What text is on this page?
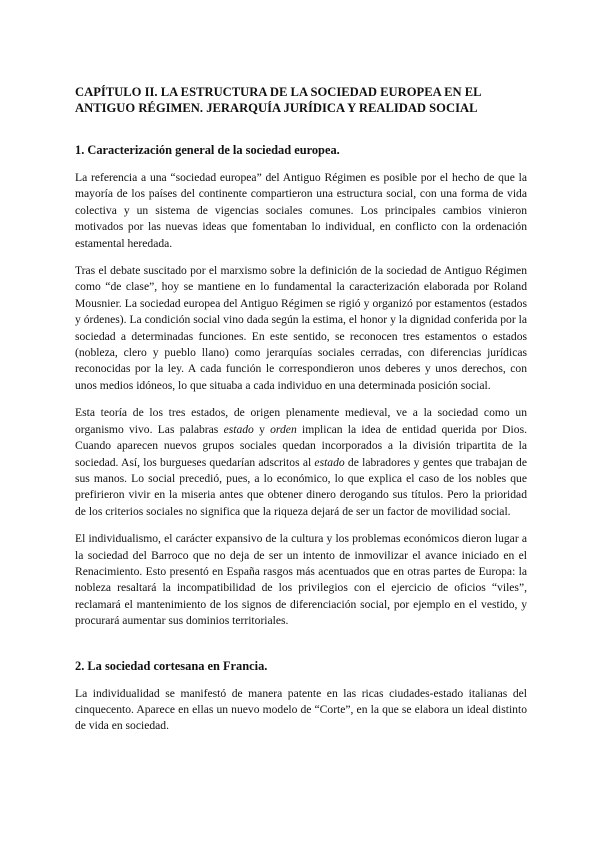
CAPÍTULO II. LA ESTRUCTURA DE LA SOCIEDAD EUROPEA EN EL ANTIGUO RÉGIMEN. JERARQUÍA JURÍDICA Y REALIDAD SOCIAL
1. Caracterización general de la sociedad europea.

La referencia a una “sociedad europea” del Antiguo Régimen es posible por el hecho de que la mayoría de los países del continente compartieron una estructura social, con una forma de vida colectiva y un sistema de vigencias sociales comunes. Los principales cambios vinieron motivados por las nuevas ideas que fomentaban lo individual, en conflicto con la ordenación estamental heredada.

Tras el debate suscitado por el marxismo sobre la definición de la sociedad de Antiguo Régimen como “de clase”, hoy se mantiene en lo fundamental la caracterización elaborada por Roland Mousnier. La sociedad europea del Antiguo Régimen se rigió y organizó por estamentos (estados y órdenes). La condición social vino dada según la estima, el honor y la dignidad conferida por la sociedad a determinadas funciones. En este sentido, se reconocen tres estamentos o estados (nobleza, clero y pueblo llano) como jerarquías sociales cerradas, con diferencias jurídicas reconocidas por la ley. A cada función le correspondieron unos deberes y unos derechos, con unos medios idóneos, lo que situaba a cada individuo en una determinada posición social.

Esta teoría de los tres estados, de origen plenamente medieval, ve a la sociedad como un organismo vivo. Las palabras estado y orden implican la idea de entidad querida por Dios. Cuando aparecen nuevos grupos sociales quedan incorporados a la división tripartita de la sociedad. Así, los burgueses quedarían adscritos al estado de labradores y gentes que trabajan de sus manos. Lo social precedió, pues, a lo económico, lo que explica el caso de los nobles que prefirieron vivir en la miseria antes que obtener dinero derogando sus títulos. Pero la prioridad de los criterios sociales no significa que la riqueza dejará de ser un factor de movilidad social.

El individualismo, el carácter expansivo de la cultura y los problemas económicos dieron lugar a la sociedad del Barroco que no deja de ser un intento de inmovilizar el avance iniciado en el Renacimiento. Esto presentó en España rasgos más acentuados que en otras partes de Europa: la nobleza resaltará la incompatibilidad de los privilegios con el ejercicio de oficios “viles”, reclamará el mantenimiento de los signos de diferenciación social, por ejemplo en el vestido, y procurará aumentar sus dominios territoriales.

2. La sociedad cortesana en Francia.

La individualidad se manifestó de manera patente en las ricas ciudades-estado italianas del cinquecento. Aparece en ellas un nuevo modelo de “Corte”, en la que se elabora un ideal distinto de vida en sociedad.
